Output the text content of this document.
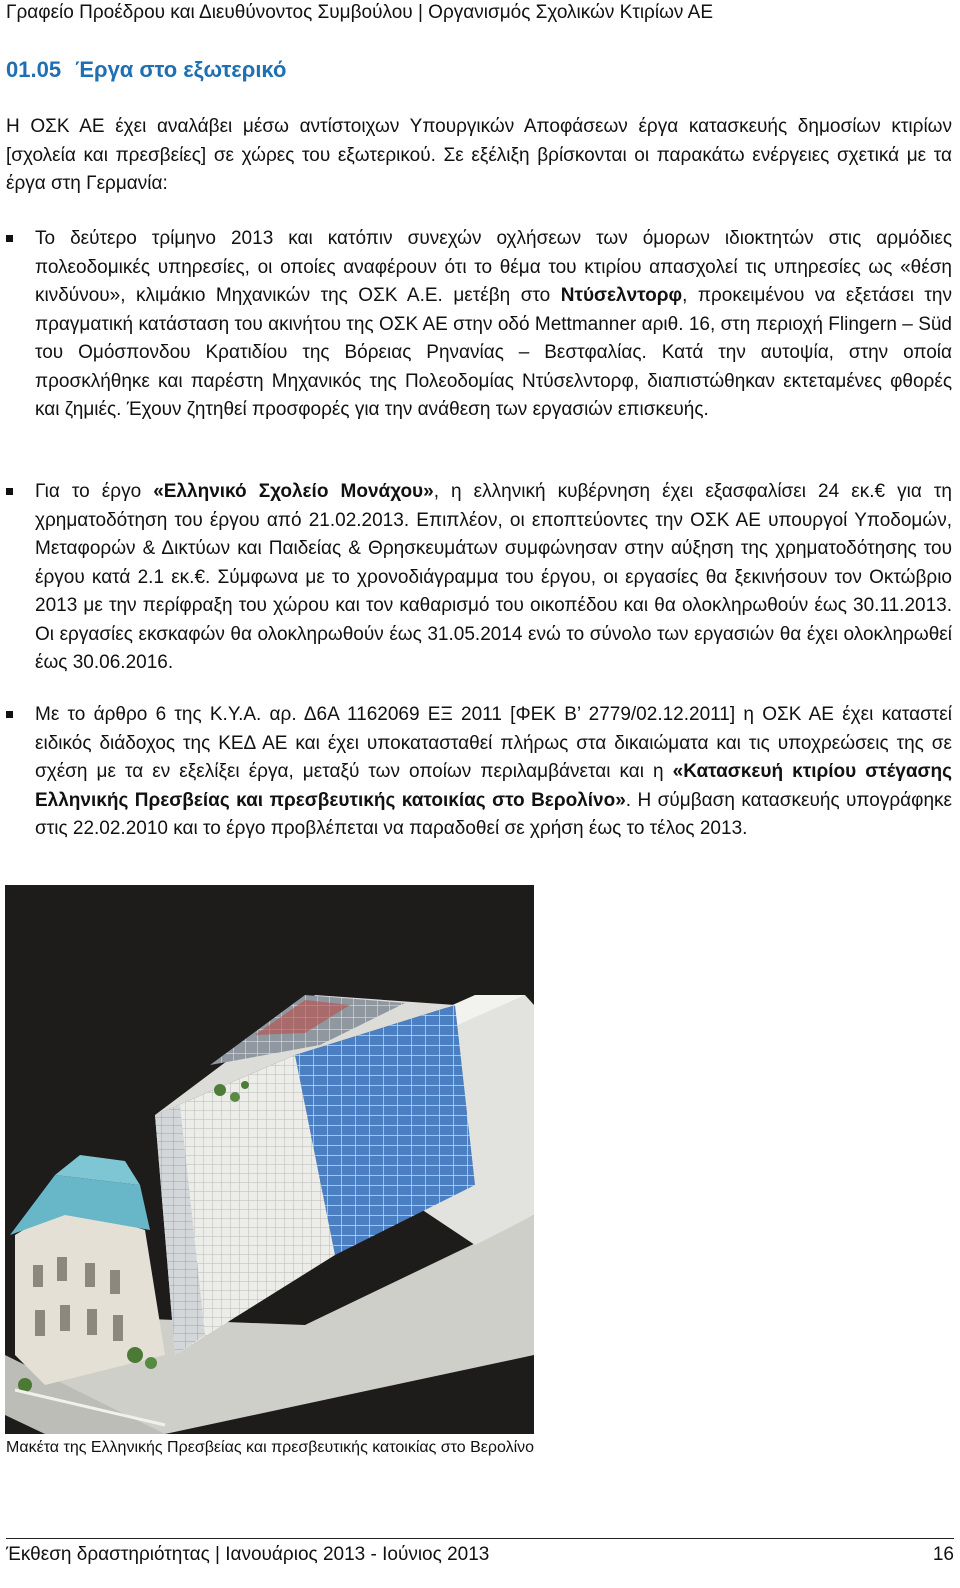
Γραφείο Προέδρου και Διευθύνοντος Συμβούλου | Οργανισμός Σχολικών Κτιρίων ΑΕ
01.05 Έργα στο εξωτερικό
Η ΟΣΚ ΑΕ έχει αναλάβει μέσω αντίστοιχων Υπουργικών Αποφάσεων έργα κατασκευής δημοσίων κτιρίων [σχολεία και πρεσβείες] σε χώρες του εξωτερικού. Σε εξέλιξη βρίσκονται οι παρακάτω ενέργειες σχετικά με τα έργα στη Γερμανία:
Το δεύτερο τρίμηνο 2013 και κατόπιν συνεχών οχλήσεων των όμορων ιδιοκτητών στις αρμόδιες πολεοδομικές υπηρεσίες, οι οποίες αναφέρουν ότι το θέμα του κτιρίου απασχολεί τις υπηρεσίες ως «θέση κινδύνου», κλιμάκιο Μηχανικών της ΟΣΚ Α.Ε. μετέβη στο Ντύσελντορφ, προκειμένου να εξετάσει την πραγματική κατάσταση του ακινήτου της ΟΣΚ ΑΕ στην οδό Mettmanner αριθ. 16, στη περιοχή Flingern – Süd του Ομόσπονδου Κρατιδίου της Βόρειας Ρηνανίας – Βεστφαλίας. Κατά την αυτοψία, στην οποία προσκλήθηκε και παρέστη Μηχανικός της Πολεοδομίας Ντύσελντορφ, διαπιστώθηκαν εκτεταμένες φθορές και ζημιές. Έχουν ζητηθεί προσφορές για την ανάθεση των εργασιών επισκευής.
Για το έργο «Ελληνικό Σχολείο Μονάχου», η ελληνική κυβέρνηση έχει εξασφαλίσει 24 εκ.€ για τη χρηματοδότηση του έργου από 21.02.2013. Επιπλέον, οι εποπτεύοντες την ΟΣΚ ΑΕ υπουργοί Υποδομών, Μεταφορών & Δικτύων και Παιδείας & Θρησκευμάτων συμφώνησαν στην αύξηση της χρηματοδότησης του έργου κατά 2.1 εκ.€. Σύμφωνα με το χρονοδιάγραμμα του έργου, οι εργασίες θα ξεκινήσουν τον Οκτώβριο 2013 με την περίφραξη του χώρου και τον καθαρισμό του οικοπέδου και θα ολοκληρωθούν έως 30.11.2013. Οι εργασίες εκσκαφών θα ολοκληρωθούν έως 31.05.2014 ενώ το σύνολο των εργασιών θα έχει ολοκληρωθεί έως 30.06.2016.
Με το άρθρο 6 της Κ.Υ.Α. αρ. Δ6Α 1162069 ΕΞ 2011 [ΦΕΚ Β’ 2779/02.12.2011] η ΟΣΚ ΑΕ έχει καταστεί ειδικός διάδοχος της ΚΕΔ ΑΕ και έχει υποκατασταθεί πλήρως στα δικαιώματα και τις υποχρεώσεις της σε σχέση με τα εν εξελίξει έργα, μεταξύ των οποίων περιλαμβάνεται και η «Κατασκευή κτιρίου στέγασης Ελληνικής Πρεσβείας και πρεσβευτικής κατοικίας στο Βερολίνο». Η σύμβαση κατασκευής υπογράφηκε στις 22.02.2010 και το έργο προβλέπεται να παραδοθεί σε χρήση έως το τέλος 2013.
Μακέτα της Ελληνικής Πρεσβείας και πρεσβευτικής κατοικίας στο Βερολίνο
Έκθεση δραστηριότητας | Ιανουάριος 2013 - Ιούνιος 2013	16
